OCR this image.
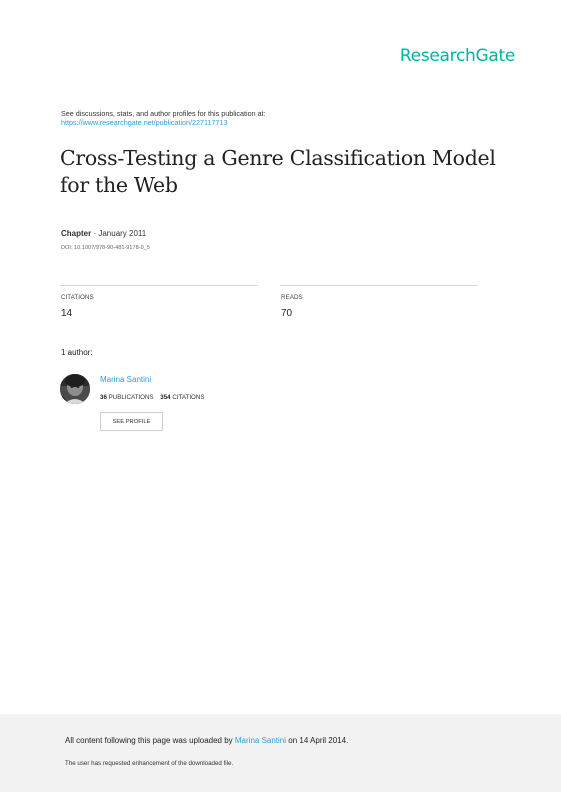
ResearchGate
See discussions, stats, and author profiles for this publication at:
https://www.researchgate.net/publication/227117713
Cross-Testing a Genre Classification Model for the Web
Chapter · January 2011
DOI: 10.1007/978-90-481-9178-9_5
CITATIONS
14
READS
70
1 author:
Marina Santini
36 PUBLICATIONS 354 CITATIONS
SEE PROFILE
All content following this page was uploaded by Marina Santini on 14 April 2014.
The user has requested enhancement of the downloaded file.
